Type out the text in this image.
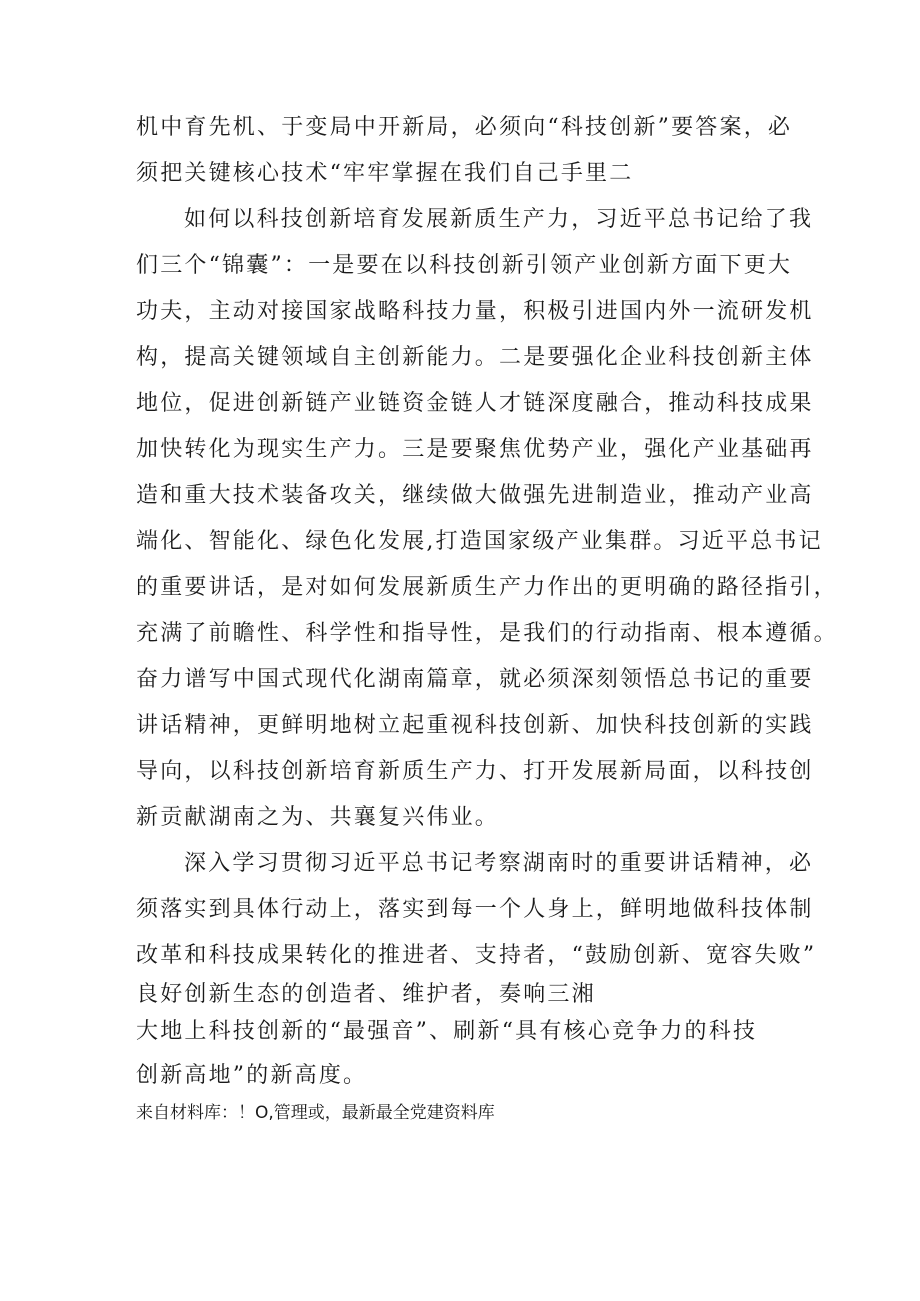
机中育先机、于变局中开新局，必须向“科技创新”要答案，必
须把关键核心技术“牢牢掌握在我们自己手里二
如何以科技创新培育发展新质生产力，习近平总书记给了我
们三个“锦囊”：一是要在以科技创新引领产业创新方面下更大
功夫，主动对接国家战略科技力量，积极引进国内外一流研发机
构，提高关键领域自主创新能力。二是要强化企业科技创新主体
地位，促进创新链产业链资金链人才链深度融合，推动科技成果
加快转化为现实生产力。三是要聚焦优势产业，强化产业基础再
造和重大技术装备攻关，继续做大做强先进制造业，推动产业高
端化、智能化、绿色化发展,打造国家级产业集群。习近平总书记
的重要讲话，是对如何发展新质生产力作出的更明确的路径指引，
充满了前瞻性、科学性和指导性，是我们的行动指南、根本遵循。
奋力谱写中国式现代化湖南篇章，就必须深刻领悟总书记的重要
讲话精神，更鲜明地树立起重视科技创新、加快科技创新的实践
导向，以科技创新培育新质生产力、打开发展新局面，以科技创
新贡献湖南之为、共襄复兴伟业。
深入学习贯彻习近平总书记考察湖南时的重要讲话精神，必
须落实到具体行动上，落实到每一个人身上，鲜明地做科技体制
改革和科技成果转化的推进者、支持者，“鼓励创新、宽容失败”
良好创新生态的创造者、维护者，奏响三湘
大地上科技创新的“最强音”、刷新“具有核心竞争力的科技
创新高地”的新高度。
来自材料库：！O,管理或，最新最全党建资料库
